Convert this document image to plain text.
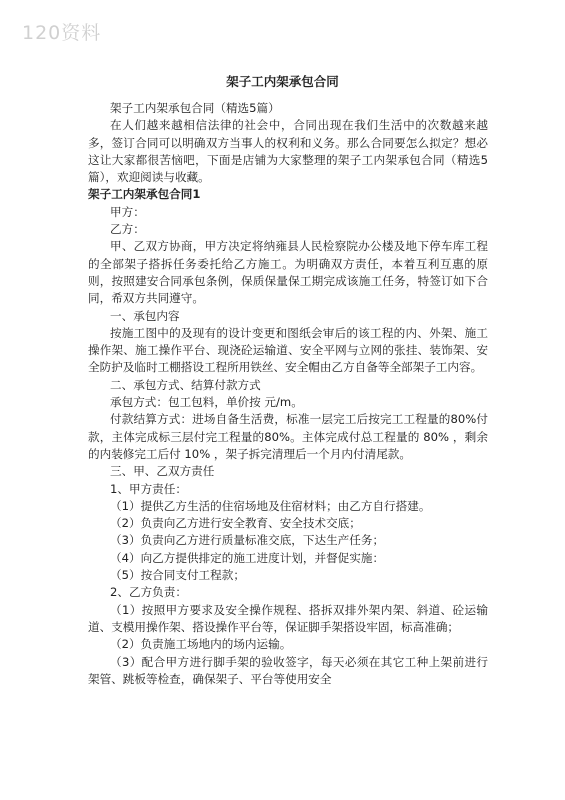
120资料
架子工内架承包合同

架子工内架承包合同（精选5篇）

在人们越来越相信法律的社会中，合同出现在我们生活中的次数越来越多，签订合同可以明确双方当事人的权利和义务。那么合同要怎么拟定？想必这让大家都很苦恼吧，下面是店铺为大家整理的架子工内架承包合同（精选5篇），欢迎阅读与收藏。

架子工内架承包合同1

甲方：

乙方：

甲、乙双方协商，甲方决定将纳雍县人民检察院办公楼及地下停车库工程的全部架子搭拆任务委托给乙方施工。为明确双方责任，本着互利互惠的原则，按照建安合同承包条例，保质保量保工期完成该施工任务，特签订如下合同，希双方共同遵守。

一、承包内容

按施工图中的及现有的设计变更和图纸会审后的该工程的内、外架、施工操作架、施工操作平台、现浇砼运输道、安全平网与立网的张挂、装饰架、安全防护及临时工棚搭设工程所用铁丝、安全帽由乙方自备等全部架子工内容。

二、承包方式、结算付款方式

承包方式：包工包料，单价按 元/m。

付款结算方式：进场自备生活费，标准一层完工后按完工工程量的80%付款，主体完成标三层付完工程量的80%。主体完成付总工程量的 80% ，剩余的内装修完工后付 10% ，架子拆完清理后一个月内付清尾款。

三、甲、乙双方责任

1、甲方责任：

（1）提供乙方生活的住宿场地及住宿材料；由乙方自行搭建。

（2）负责向乙方进行安全教育、安全技术交底；

（3）负责向乙方进行质量标准交底，下达生产任务；

（4）向乙方提供排定的施工进度计划，并督促实施：

（5）按合同支付工程款；

2、乙方负责：

（1）按照甲方要求及安全操作规程、搭拆双排外架内架、斜道、砼运输道、支模用操作架、搭设操作平台等，保证脚手架搭设牢固，标高准确；

（2）负责施工场地内的场内运输。

（3）配合甲方进行脚手架的验收签字，每天必须在其它工种上架前进行架管、跳板等检查，确保架子、平台等使用安全
